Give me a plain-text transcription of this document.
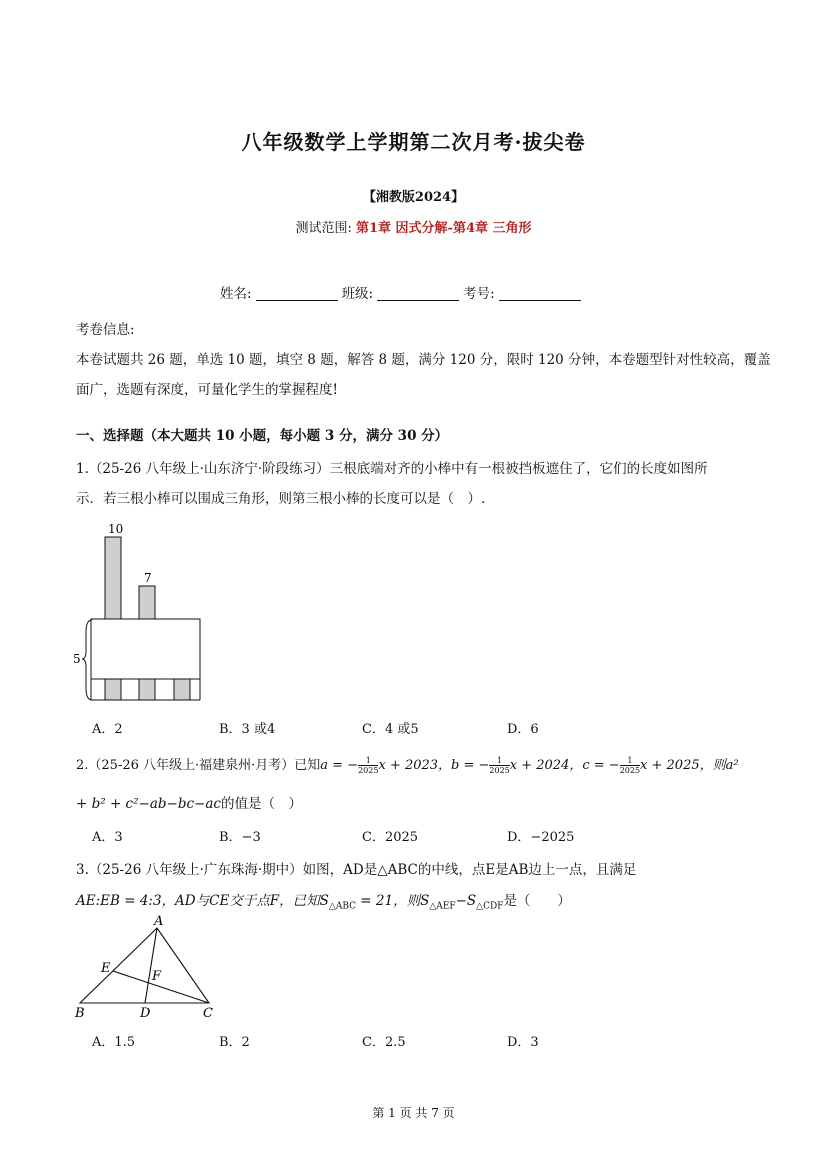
八年级数学上学期第二次月考·拔尖卷
【湘教版2024】
测试范围: 第1章 因式分解-第4章 三角形
姓名:	班级:	考号:
考卷信息:
本卷试题共 26 题，单选 10 题，填空 8 题，解答 8 题，满分 120 分，限时 120 分钟，本卷题型针对性较高，覆盖
面广，选题有深度，可量化学生的掌握程度!
一、选择题（本大题共 10 小题，每小题 3 分，满分 30 分）
1.（25-26 八年级上·山东济宁·阶段练习）三根底端对齐的小棒中有一根被挡板遮住了，它们的长度如图所
示．若三根小棒可以围成三角形，则第三根小棒的长度可以是（　）.
10
7
5
A．2	B．3 或4	C．4 或5	D．6
2.（25-26 八年级上·福建泉州·月考）已知a = − $\frac{1}{2025}$ x + 2023，b = − $\frac{1}{2025}$ x + 2024，c = − $\frac{1}{2025}$ x + 2025，则a²
+ b² + c²−ab−bc−ac的值是（　）
A．3	B．−3	C．2025	D．−2025
3.（25-26 八年级上·广东珠海·期中）如图，AD是△ABC的中线，点E是AB边上一点，且满足
AE:EB = 4:3，AD与CE交于点F，已知$S_{\triangle ABC} = 21$，则$S_{\triangle AEF}-S_{\triangle CDF}$是（　　）
A
B	C
D
E
F
A．1.5	B．2	C．2.5	D．3
第 1 页 共 7 页
